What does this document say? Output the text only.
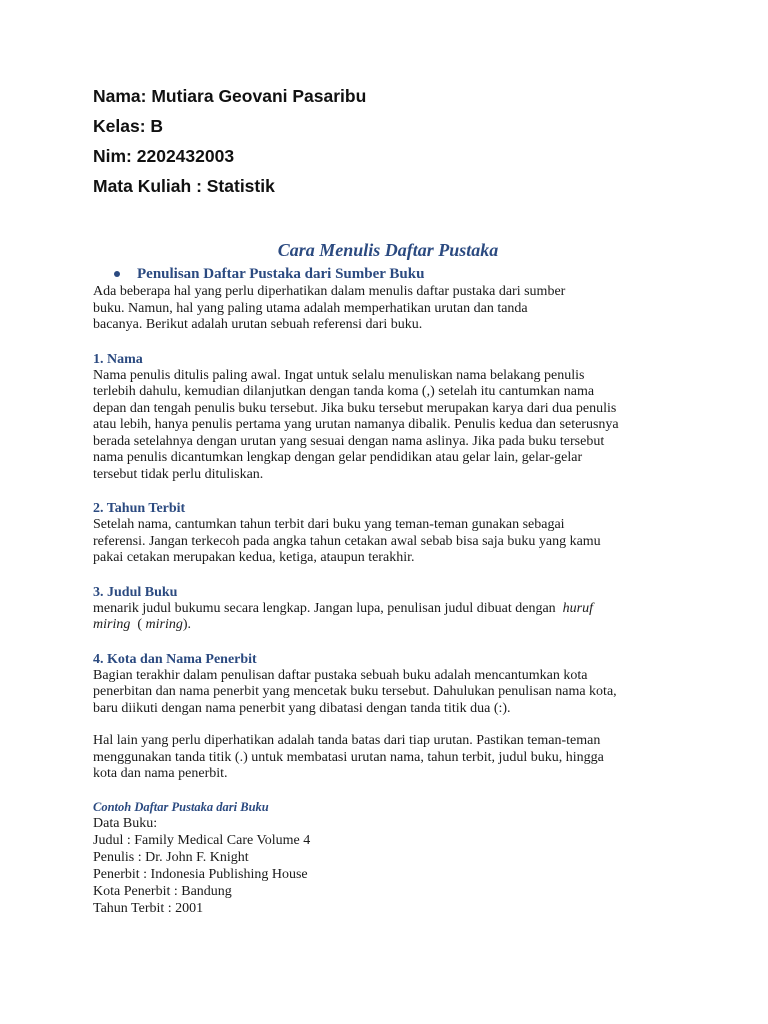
Nama: Mutiara Geovani Pasaribu
Kelas: B
Nim: 2202432003
Mata Kuliah : Statistik
Cara Menulis Daftar Pustaka
Penulisan Daftar Pustaka dari Sumber Buku

Ada beberapa hal yang perlu diperhatikan dalam menulis daftar pustaka dari sumber
buku. Namun, hal yang paling utama adalah memperhatikan urutan dan tanda
bacanya. Berikut adalah urutan sebuah referensi dari buku.

1. Nama

Nama penulis ditulis paling awal. Ingat untuk selalu menuliskan nama belakang penulis
terlebih dahulu, kemudian dilanjutkan dengan tanda koma (,) setelah itu cantumkan nama
depan dan tengah penulis buku tersebut. Jika buku tersebut merupakan karya dari dua penulis
atau lebih, hanya penulis pertama yang urutan namanya dibalik. Penulis kedua dan seterusnya
berada setelahnya dengan urutan yang sesuai dengan nama aslinya. Jika pada buku tersebut
nama penulis dicantumkan lengkap dengan gelar pendidikan atau gelar lain, gelar-gelar
tersebut tidak perlu dituliskan.

2. Tahun Terbit

Setelah nama, cantumkan tahun terbit dari buku yang teman-teman gunakan sebagai
referensi. Jangan terkecoh pada angka tahun cetakan awal sebab bisa saja buku yang kamu
pakai cetakan merupakan kedua, ketiga, ataupun terakhir.

3. Judul Buku

menarik judul bukumu secara lengkap. Jangan lupa, penulisan judul dibuat dengan huruf
miring ( miring).

4. Kota dan Nama Penerbit

Bagian terakhir dalam penulisan daftar pustaka sebuah buku adalah mencantumkan kota
penerbitan dan nama penerbit yang mencetak buku tersebut. Dahulukan penulisan nama kota,
baru diikuti dengan nama penerbit yang dibatasi dengan tanda titik dua (:).

Hal lain yang perlu diperhatikan adalah tanda batas dari tiap urutan. Pastikan teman-teman
menggunakan tanda titik (.) untuk membatasi urutan nama, tahun terbit, judul buku, hingga
kota dan nama penerbit.

Contoh Daftar Pustaka dari Buku

Data Buku:

Judul : Family Medical Care Volume 4

Penulis : Dr. John F. Knight

Penerbit : Indonesia Publishing House

Kota Penerbit : Bandung

Tahun Terbit : 2001
